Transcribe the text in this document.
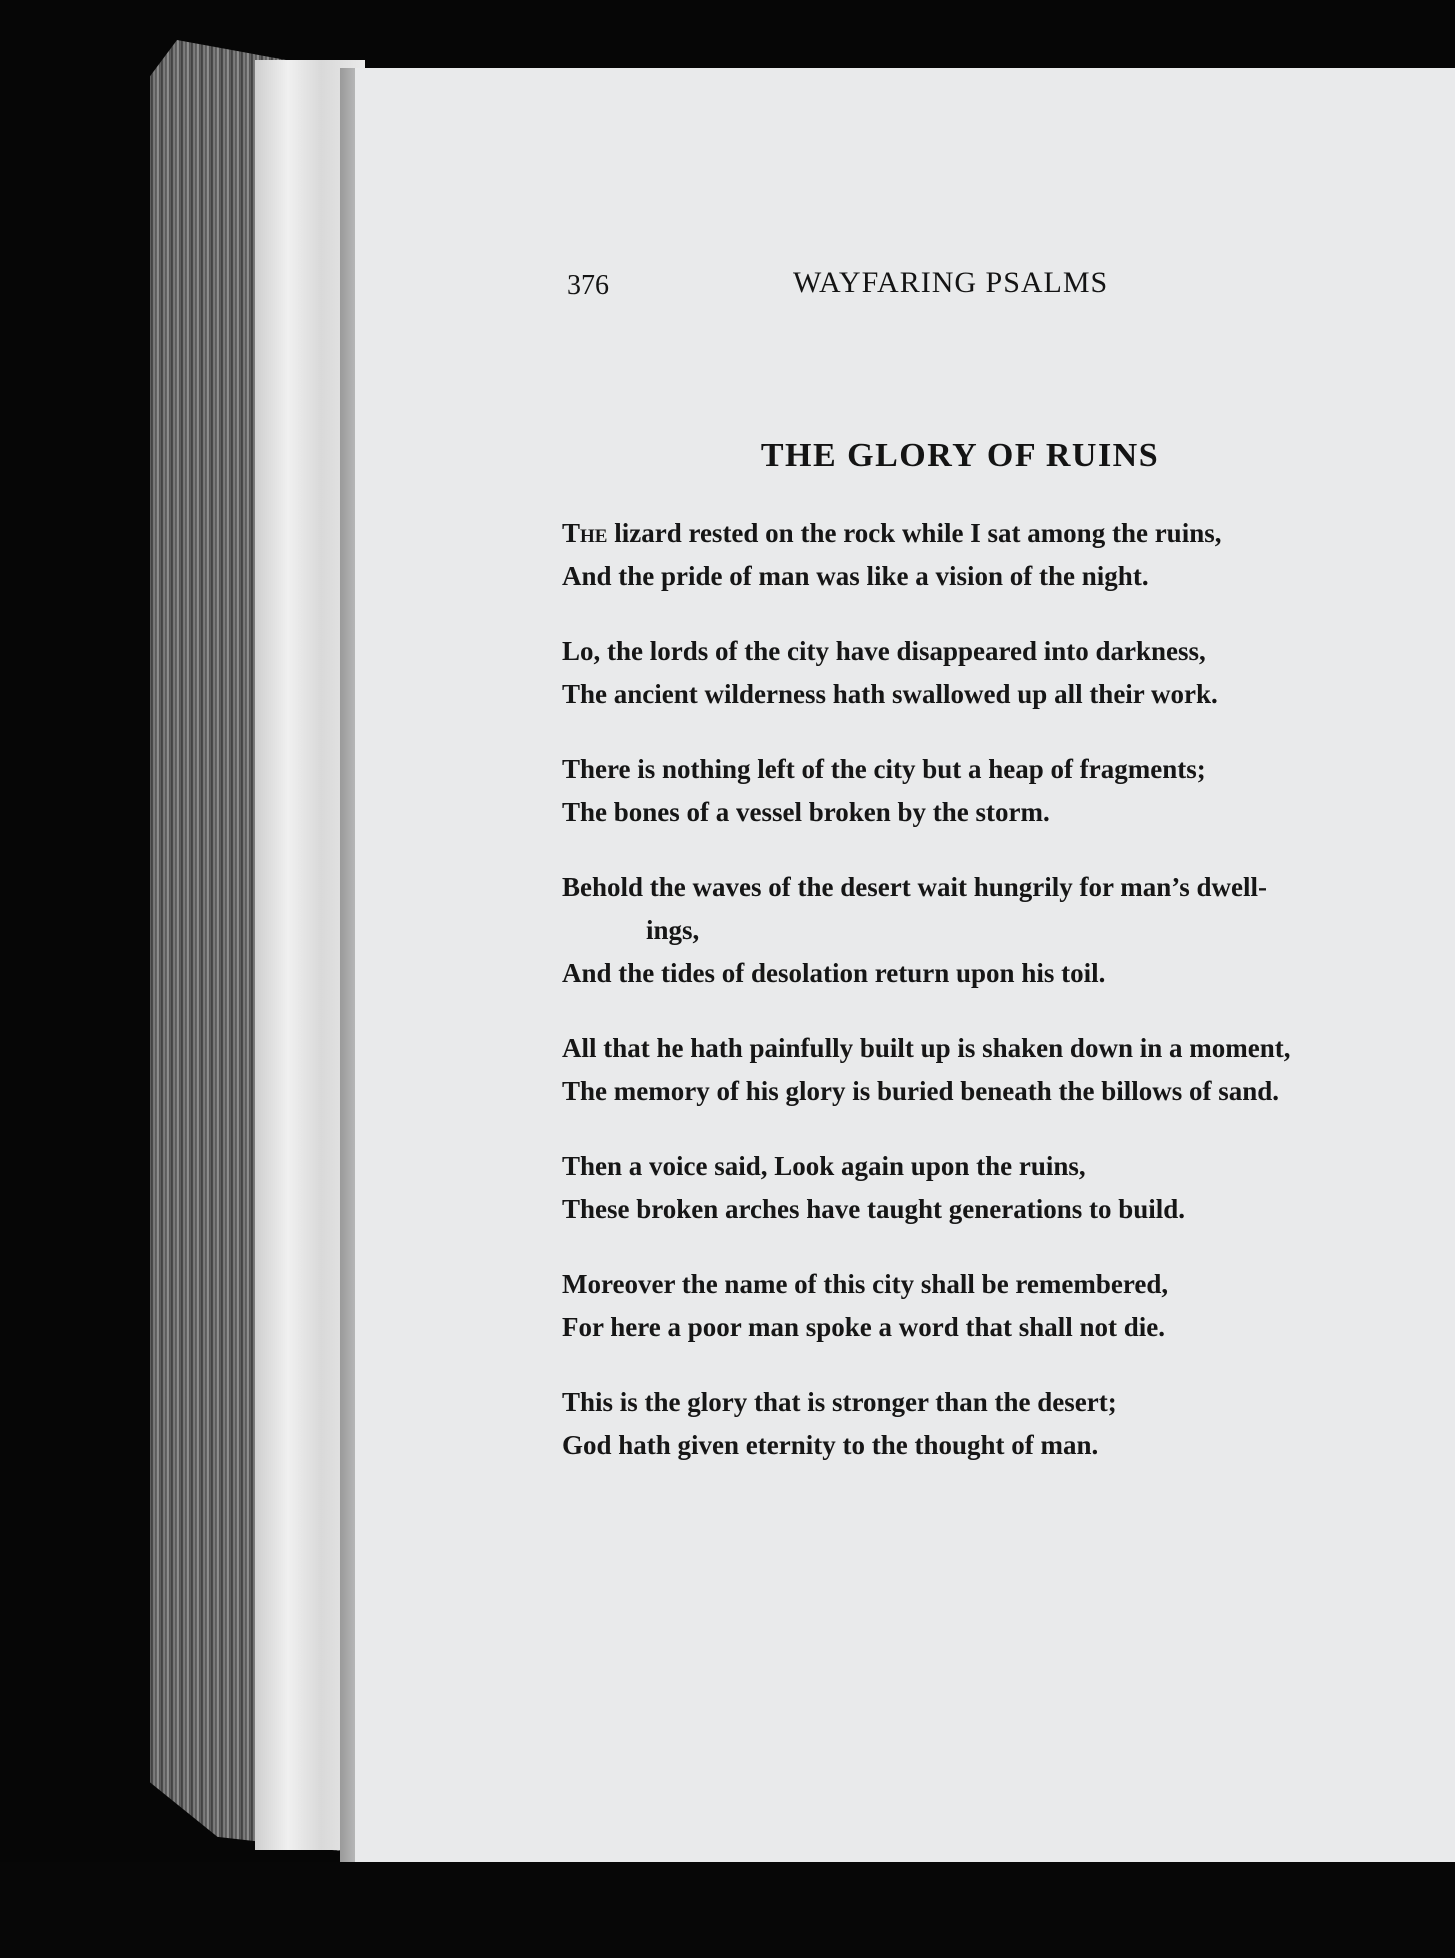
376	WAYFARING PSALMS
THE GLORY OF RUINS
The lizard rested on the rock while I sat among the ruins,
And the pride of man was like a vision of the night.
Lo, the lords of the city have disappeared into darkness,
The ancient wilderness hath swallowed up all their work.
There is nothing left of the city but a heap of fragments;
The bones of a vessel broken by the storm.
Behold the waves of the desert wait hungrily for man’s dwell-
ings,
And the tides of desolation return upon his toil.
All that he hath painfully built up is shaken down in a moment,
The memory of his glory is buried beneath the billows of sand.
Then a voice said, Look again upon the ruins,
These broken arches have taught generations to build.
Moreover the name of this city shall be remembered,
For here a poor man spoke a word that shall not die.
This is the glory that is stronger than the desert;
God hath given eternity to the thought of man.
